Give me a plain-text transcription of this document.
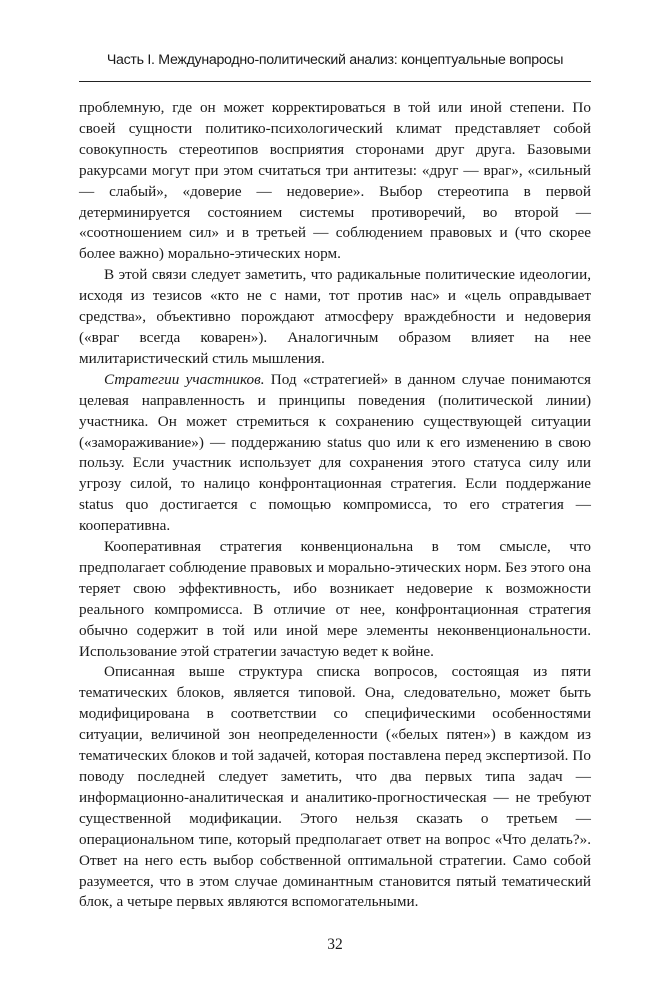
Часть I. Международно-политический анализ: концептуальные вопросы

проблемную, где он может корректироваться в той или иной степени. По своей сущности политико-психологический климат представляет собой совокупность стереотипов восприятия сторонами друг друга. Базовыми ракурсами могут при этом считаться три антитезы: «друг — враг», «сильный — слабый», «доверие — недоверие». Выбор стереотипа в первой детерминируется состоянием системы противоречий, во второй — «соотношением сил» и в третьей — соблюдением правовых и (что скорее более важно) морально-этических норм.

В этой связи следует заметить, что радикальные политические идеологии, исходя из тезисов «кто не с нами, тот против нас» и «цель оправдывает средства», объективно порождают атмосферу враждебности и недоверия («враг всегда коварен»). Аналогичным образом влияет на нее милитаристический стиль мышления.

Стратегии участников. Под «стратегией» в данном случае понимаются целевая направленность и принципы поведения (политической линии) участника. Он может стремиться к сохранению существующей ситуации («замораживание») — поддержанию status quo или к его изменению в свою пользу. Если участник использует для сохранения этого статуса силу или угрозу силой, то налицо конфронтационная стратегия. Если поддержание status quo достигается с помощью компромисса, то его стратегия — кооперативна.

Кооперативная стратегия конвенциональна в том смысле, что предполагает соблюдение правовых и морально-этических норм. Без этого она теряет свою эффективность, ибо возникает недоверие к возможности реального компромисса. В отличие от нее, конфронтационная стратегия обычно содержит в той или иной мере элементы неконвенциональности. Использование этой стратегии зачастую ведет к войне.

Описанная выше структура списка вопросов, состоящая из пяти тематических блоков, является типовой. Она, следовательно, может быть модифицирована в соответствии со специфическими особенностями ситуации, величиной зон неопределенности («белых пятен») в каждом из тематических блоков и той задачей, которая поставлена перед экспертизой. По поводу последней следует заметить, что два первых типа задач — информационно-аналитическая и аналитико-прогностическая — не требуют существенной модификации. Этого нельзя сказать о третьем — операциональном типе, который предполагает ответ на вопрос «Что делать?». Ответ на него есть выбор собственной оптимальной стратегии. Само собой разумеется, что в этом случае доминантным становится пятый тематический блок, а четыре первых являются вспомогательными.

32
